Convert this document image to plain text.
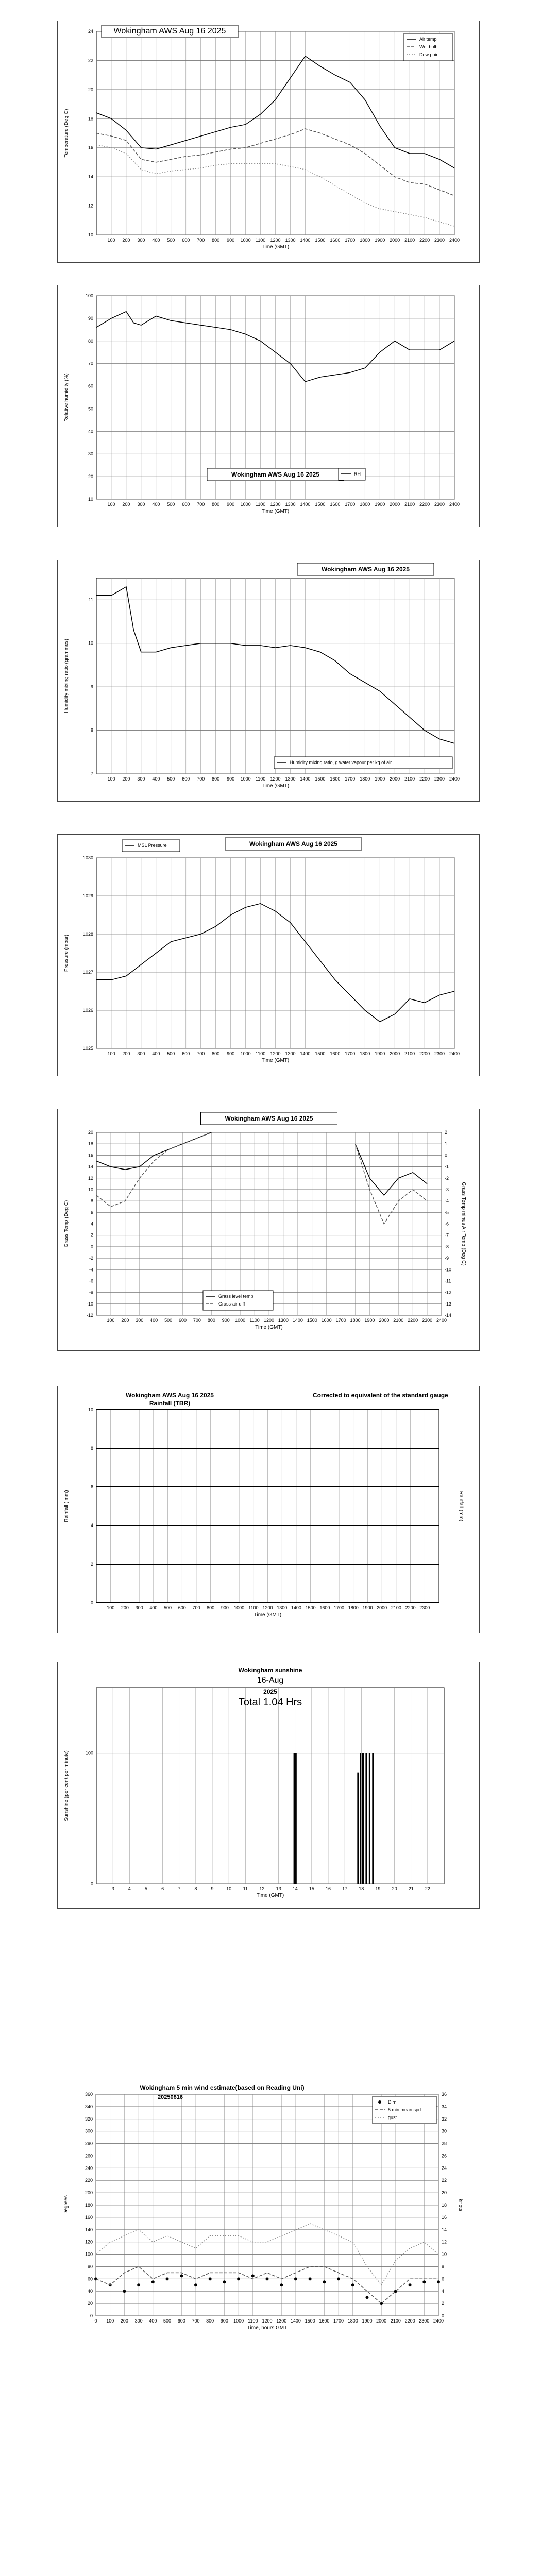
100 200 300 400 500 600 700 800 900 1000 1100 1200 1300 1400 1500 1600 1700 1800 1900 2000 2100 2200 2300 2400
10
12
14
16
18
20
22
24
Time (GMT)
Temperature (Deg C)
Wokingham AWS Aug 16 2025
Air temp
Wet bulb
Dew point
100 200 300 400 500 600 700 800 900 1000 1100 1200 1300 1400 1500 1600 1700 1800 1900 2000 2100 2200 2300 2400
10
20
30
40
50
60
70
80
90
100
Time (GMT)
Relative humidity (%)
Wokingham AWS Aug 16 2025	RH
100 200 300 400 500 600 700 800 900 1000 1100 1200 1300 1400 1500 1600 1700 1800 1900 2000 2100 2200 2300 2400
7
8
9
10
11
Time (GMT)
Humidity mixing ratio (grammes)
Wokingham AWS Aug 16 2025
Humidity mixing ratio, g water vapour per kg of air
100 200 300 400 500 600 700 800 900 1000 1100 1200 1300 1400 1500 1600 1700 1800 1900 2000 2100 2200 2300 2400
1025
1026
1027
1028
1029
1030
Time (GMT)
Pressure (mbar)
Wokingham AWS Aug 16 2025
MSL Pressure
100 200 300 400 500 600 700 800 900 1000 1100 1200 1300 1400 1500 1600 1700 1800 1900 2000 2100 2200 2300 2400
-12
-10
-8
-6
-4
-2
0
2
4
6
8
10
12
14
16
18
20
-14
-13
-12
-11
-10
-9
-8
-7
-6
-5
-4
-3
-2
-1
0
1
2
Time (GMT)
Grass Temp (Deg C)	Grass Temp minus Air Temp (Deg C)
Wokingham AWS Aug 16 2025
Grass level temp
Grass-air diff
100 200 300 400 500 600 700 800 900 1000 1100 1200 1300 1400 1500 1600 1700 1800 1900 2000 2100 2200 2300
0
2
4
6
8
10
Time (GMT)
Rainfall ( mm)	Rainfall (mm)
Wokingham AWS Aug 16 2025
Rainfall (TBR)
Corrected to equivalent of the standard gauge
3	4	5	6	7	8	9	10 11 12 13 14 15 16 17 18 19 20 21 22
0
100
Time (GMT)
Sunshine (per cent per minute)
Wokingham sunshine
16-Aug
2025
Total 1.04 Hrs
0 100 200 300 400 500 600 700 800 900 1000 1100 1200 1300 1400 1500 1600 1700 1800 1900 2000 2100 2200 2300 2400
0
20
40
60
80
100
120
140
160
180
200
220
240
260
280
300
320
340
360
0
2
4
6
8
10
12
14
16
18
20
22
24
26
28
30
32
34
36
Time, hours GMT
Degrees	knots
Wokingham 5 min wind estimate(based on Reading Uni)
20250816
Dirn
5 min mean spd
gust
